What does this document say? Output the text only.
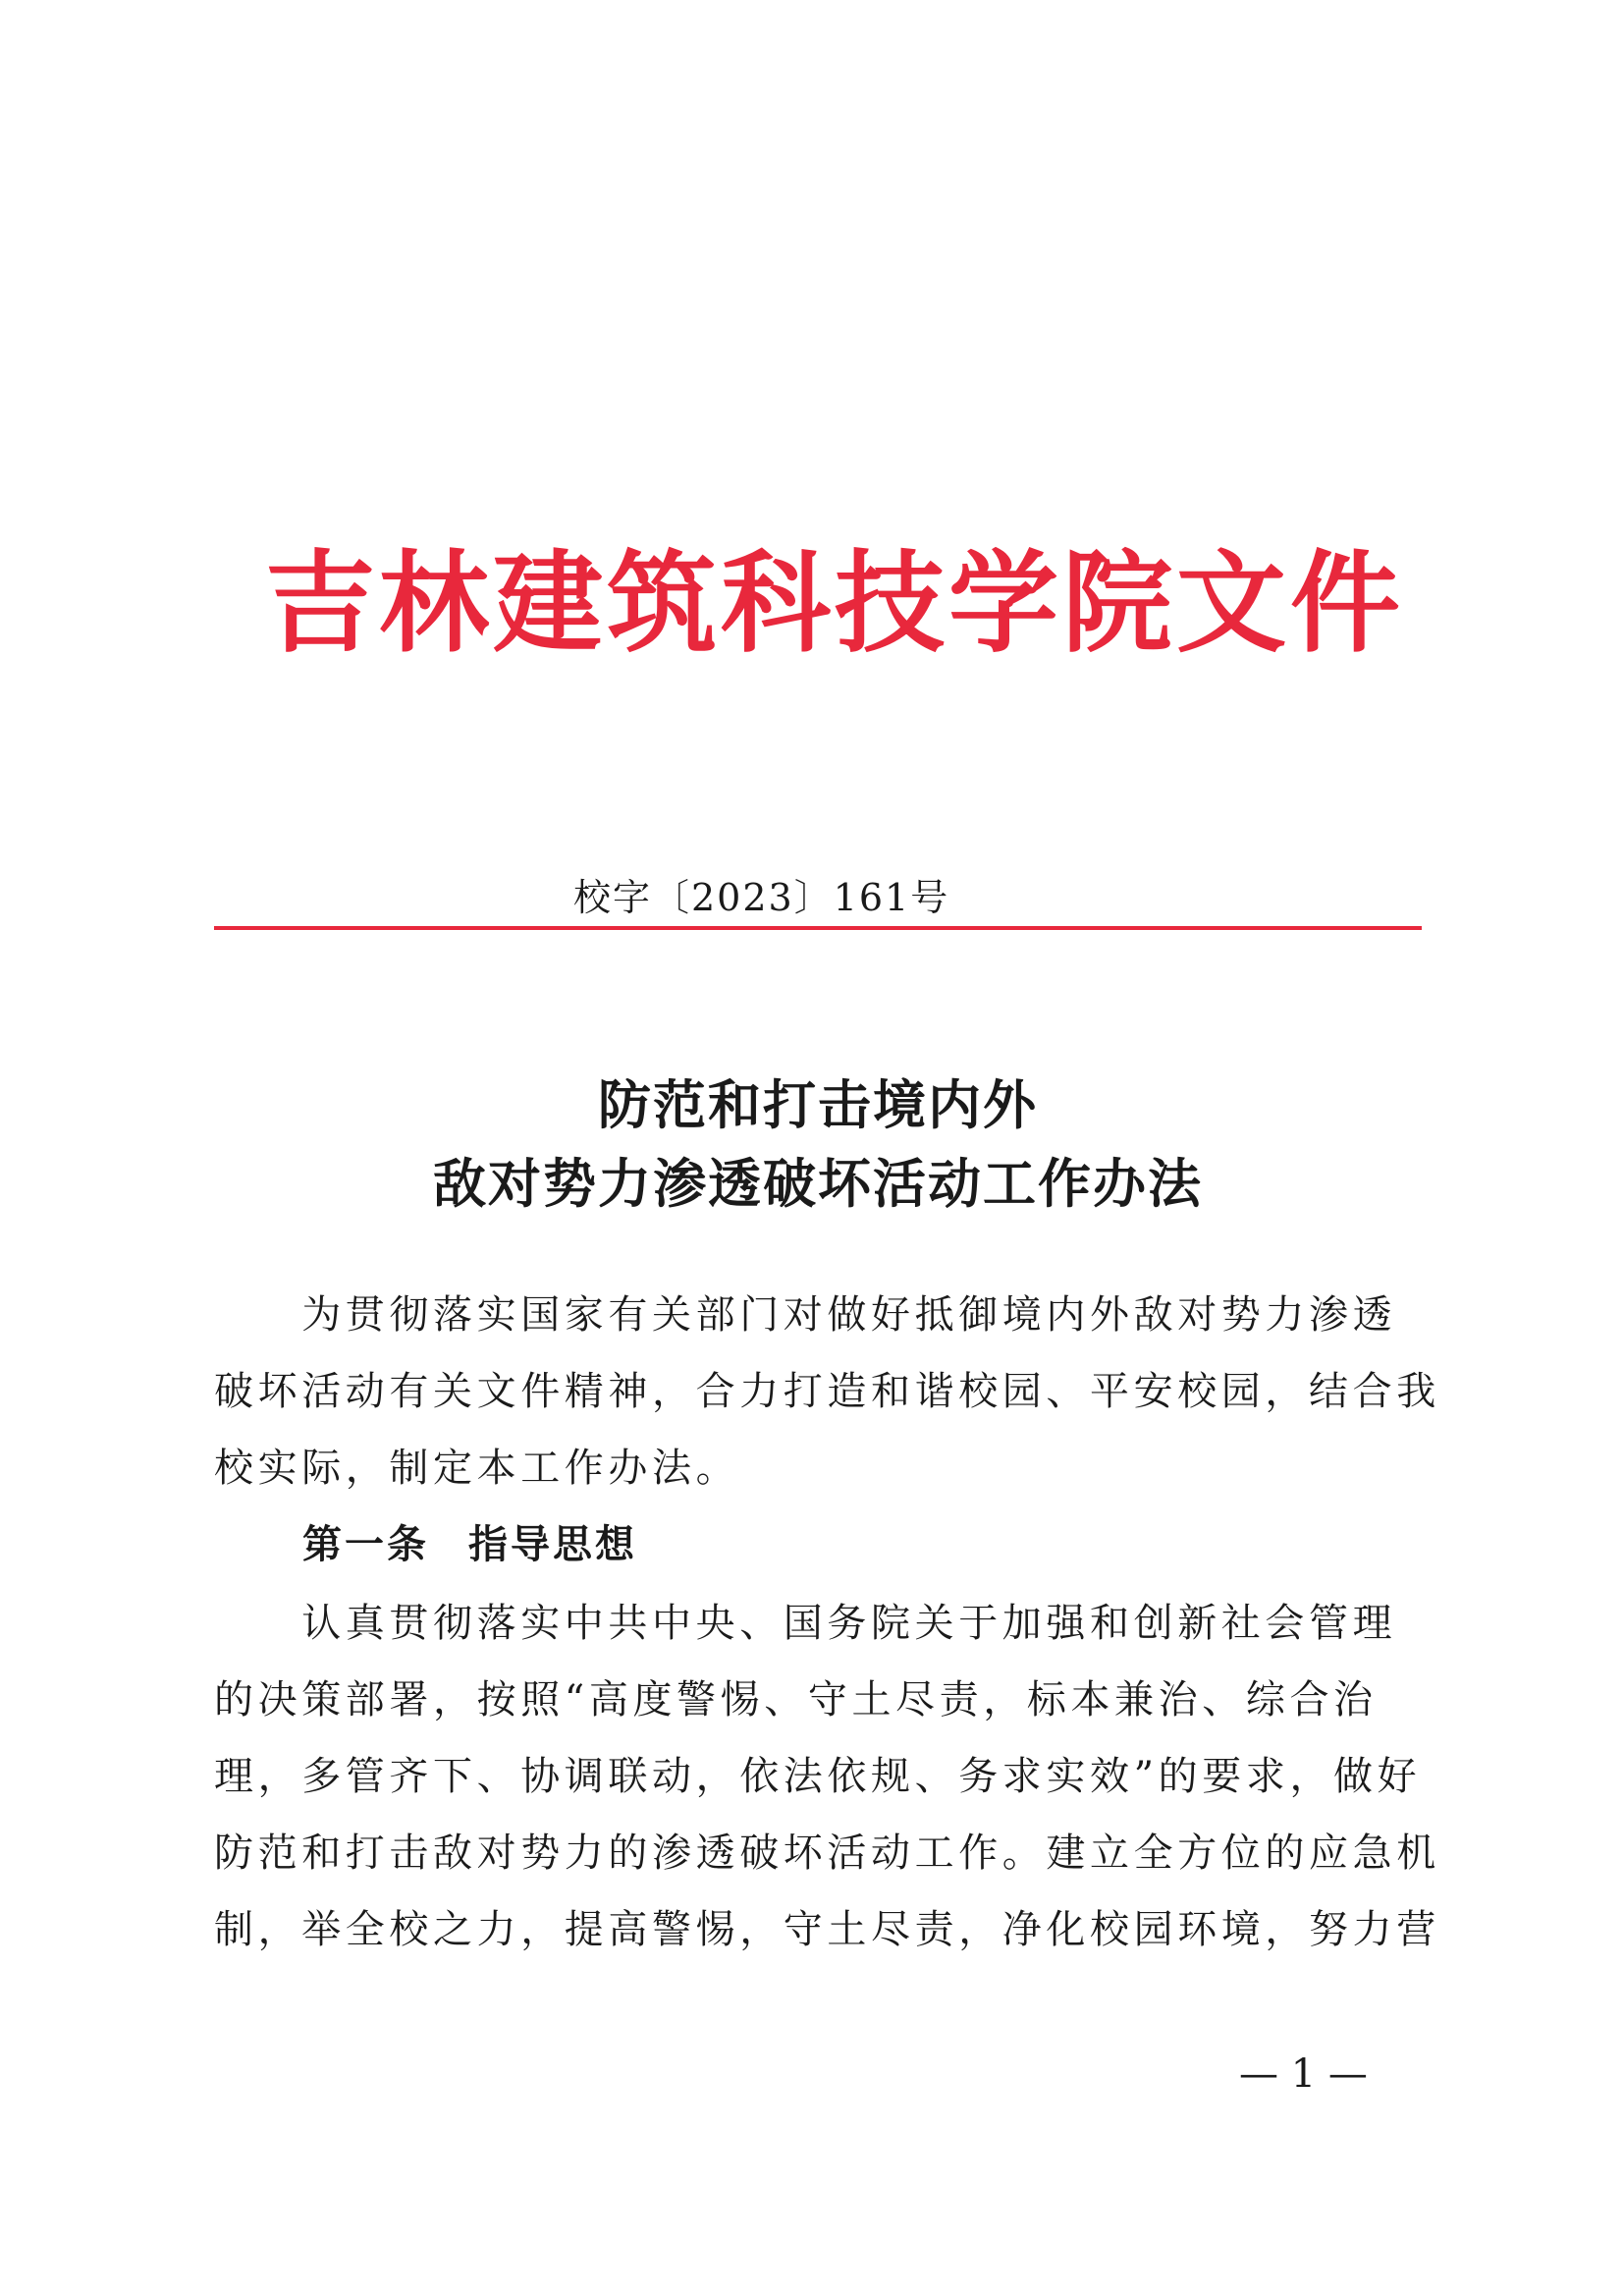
吉林建筑科技学院文件
校字〔2023〕161号
防范和打击境内外
敌对势力渗透破坏活动工作办法
　　为贯彻落实国家有关部门对做好抵御境内外敌对势力渗透
破坏活动有关文件精神，合力打造和谐校园、平安校园，结合我
校实际，制定本工作办法。
第一条 指导思想
　　认真贯彻落实中共中央、国务院关于加强和创新社会管理
的决策部署，按照“高度警惕、守土尽责，标本兼治、综合治
理，多管齐下、协调联动，依法依规、务求实效”的要求，做好
防范和打击敌对势力的渗透破坏活动工作。建立全方位的应急机
制，举全校之力，提高警惕，守土尽责，净化校园环境，努力营
— 1 —
